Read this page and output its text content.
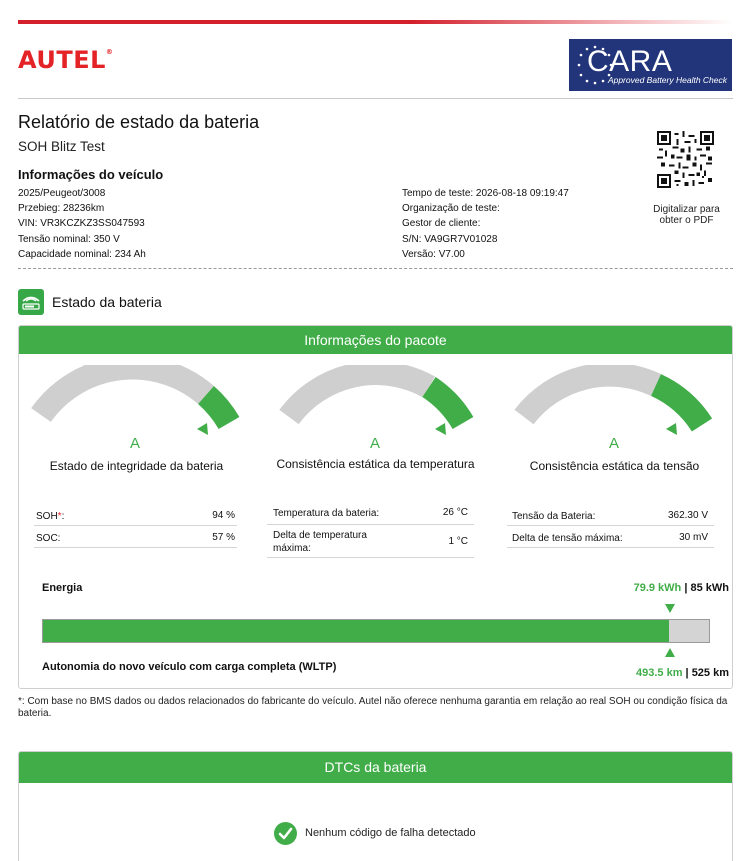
AUTEL®	CARA
Approved Battery Health Check
Relatório de estado da bateria
SOH Blitz Test
Informações do veículo
2025/Peugeot/3008
Przebieg: 28236km
VIN: VR3KCZKZ3SS047593
Tensão nominal: 350 V
Capacidade nominal: 234 Ah
Tempo de teste: 2026-08-18 09:19:47
Organização de teste:
Gestor de cliente:
S/N: VA9GR7V01028
Versão: V7.00
Digitalizar para
obter o PDF
Estado da bateria
Informações do pacote
A
Estado de integridade da bateria
A
Consistência estática da temperatura
A
Consistência estática da tensão
SOH*:	94 %
SOC:	57 %
Temperatura da bateria:	26 °C
Delta de temperatura
máxima:
1 °C
Tensão da Bateria:	362.30 V
Delta de tensão máxima:	30 mV
Energia	79.9 kWh | 85 kWh
Autonomia do novo veículo com carga completa (WLTP)	493.5 km | 525 km
*: Com base no BMS dados ou dados relacionados do fabricante do veículo. Autel não oferece nenhuma garantia em relação ao real SOH ou condição física da bateria.
DTCs da bateria
Nenhum código de falha detectado
